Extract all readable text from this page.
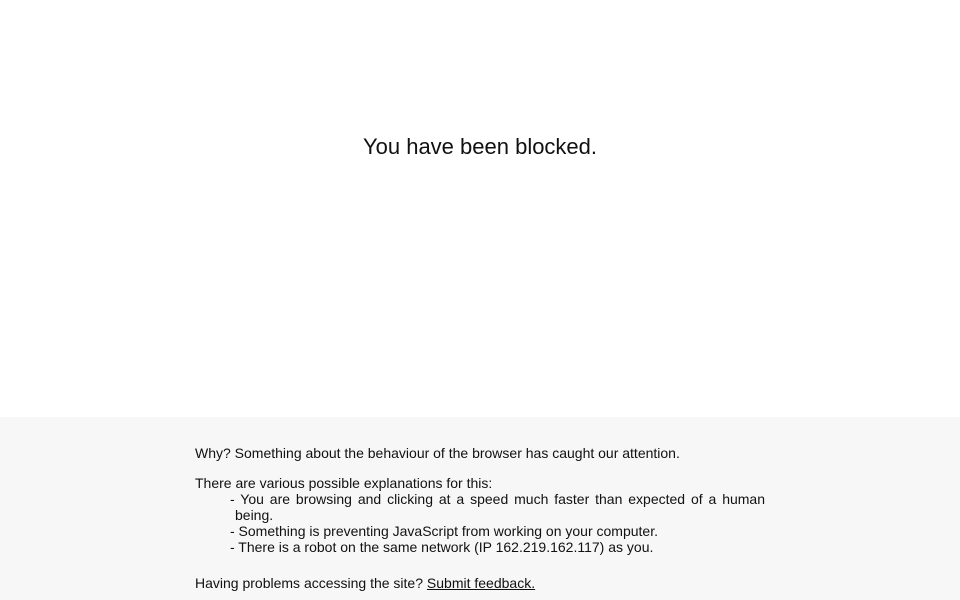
You have been blocked.

Why? Something about the behaviour of the browser has caught our attention.

There are various possible explanations for this:

- You are browsing and clicking at a speed much faster than expected of a human being.
- Something is preventing JavaScript from working on your computer.
- There is a robot on the same network (IP 162.219.162.117) as you.

Having problems accessing the site? Submit feedback.
